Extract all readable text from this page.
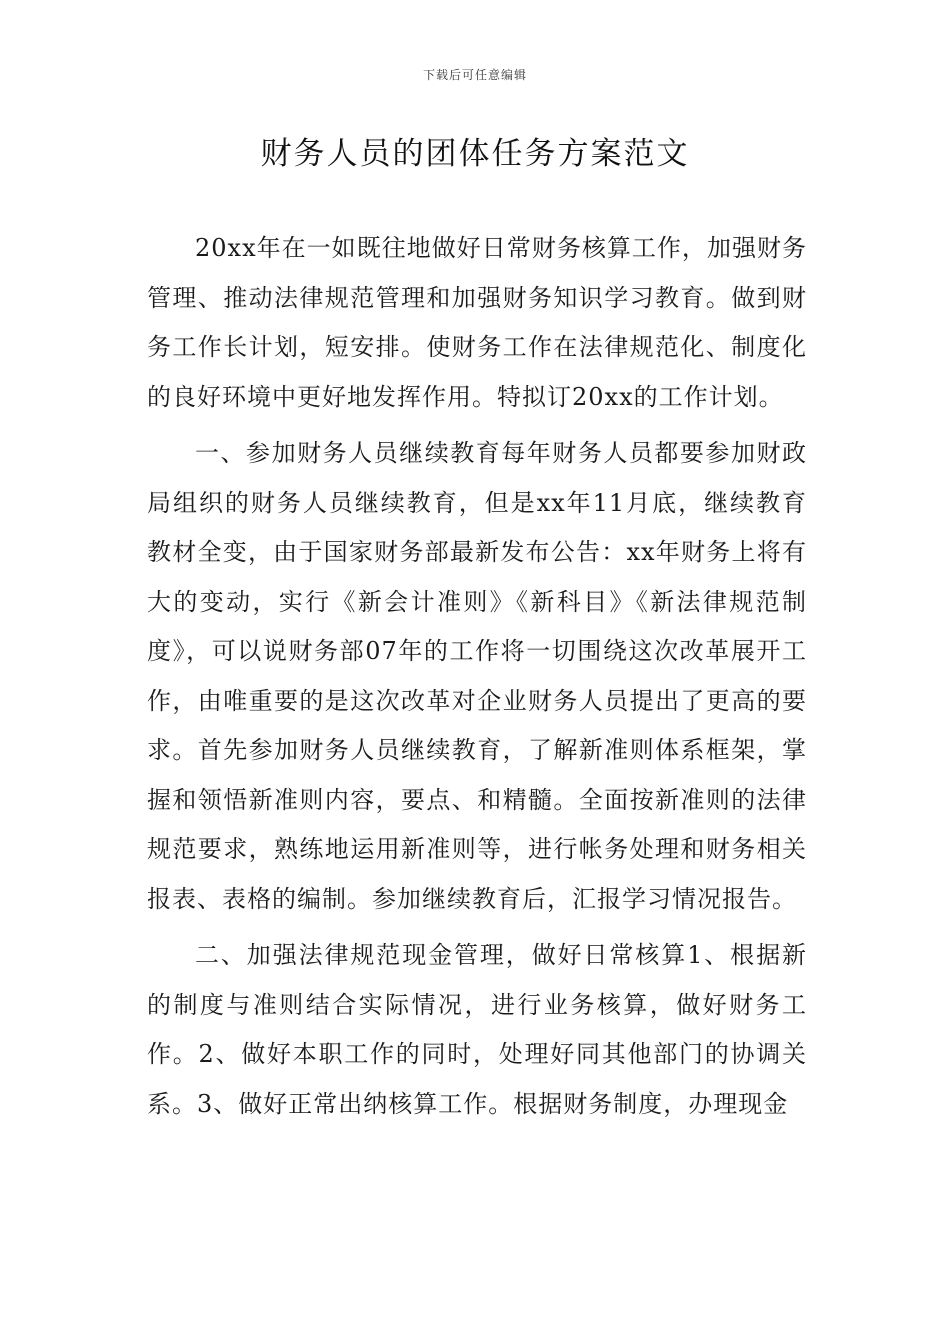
下载后可任意编辑
财务人员的团体任务方案范文

20xx年在一如既往地做好日常财务核算工作，加强财务管理、推动法律规范管理和加强财务知识学习教育。做到财务工作长计划，短安排。使财务工作在法律规范化、制度化的良好环境中更好地发挥作用。特拟订20xx的工作计划。

一、参加财务人员继续教育每年财务人员都要参加财政局组织的财务人员继续教育，但是xx年11月底，继续教育教材全变，由于国家财务部最新发布公告：xx年财务上将有大的变动，实行《新会计准则》《新科目》《新法律规范制度》，可以说财务部07年的工作将一切围绕这次改革展开工作，由唯重要的是这次改革对企业财务人员提出了更高的要求。首先参加财务人员继续教育，了解新准则体系框架，掌握和领悟新准则内容，要点、和精髓。全面按新准则的法律规范要求，熟练地运用新准则等，进行帐务处理和财务相关报表、表格的编制。参加继续教育后，汇报学习情况报告。

二、加强法律规范现金管理，做好日常核算1、根据新的制度与准则结合实际情况，进行业务核算，做好财务工作。2、做好本职工作的同时，处理好同其他部门的协调关系。3、做好正常出纳核算工作。根据财务制度，办理现金
